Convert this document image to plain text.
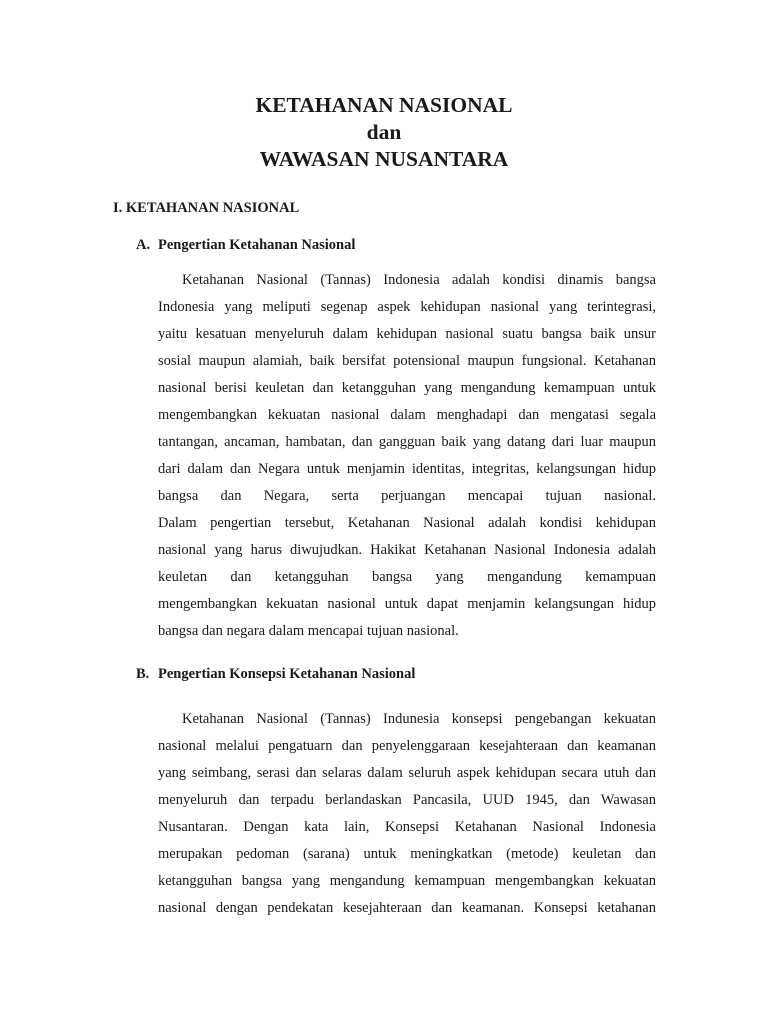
KETAHANAN NASIONAL
dan
WAWASAN NUSANTARA
I. KETAHANAN NASIONAL
A. Pengertian Ketahanan Nasional
Ketahanan Nasional (Tannas) Indonesia adalah kondisi dinamis bangsa
Indonesia yang meliputi segenap aspek kehidupan nasional yang terintegrasi,
yaitu kesatuan menyeluruh dalam kehidupan nasional suatu bangsa baik unsur
sosial maupun alamiah, baik bersifat potensional maupun fungsional. Ketahanan
nasional berisi keuletan dan ketangguhan yang mengandung kemampuan untuk
mengembangkan kekuatan nasional dalam menghadapi dan mengatasi segala
tantangan, ancaman, hambatan, dan gangguan baik yang datang dari luar maupun
dari dalam dan Negara untuk menjamin identitas, integritas, kelangsungan hidup
bangsa dan Negara, serta perjuangan mencapai tujuan nasional.
Dalam pengertian tersebut, Ketahanan Nasional adalah kondisi kehidupan
nasional yang harus diwujudkan. Hakikat Ketahanan Nasional Indonesia adalah
keuletan dan ketangguhan bangsa yang mengandung kemampuan
mengembangkan kekuatan nasional untuk dapat menjamin kelangsungan hidup
bangsa dan negara dalam mencapai tujuan nasional.
B. Pengertian Konsepsi Ketahanan Nasional
Ketahanan Nasional (Tannas) Indunesia konsepsi pengebangan kekuatan
nasional melalui pengatuarn dan penyelenggaraan kesejahteraan dan keamanan
yang seimbang, serasi dan selaras dalam seluruh aspek kehidupan secara utuh dan
menyeluruh dan terpadu berlandaskan Pancasila, UUD 1945, dan Wawasan
Nusantaran. Dengan kata lain, Konsepsi Ketahanan Nasional Indonesia
merupakan pedoman (sarana) untuk meningkatkan (metode) keuletan dan
ketangguhan bangsa yang mengandung kemampuan mengembangkan kekuatan
nasional dengan pendekatan kesejahteraan dan keamanan. Konsepsi ketahanan
